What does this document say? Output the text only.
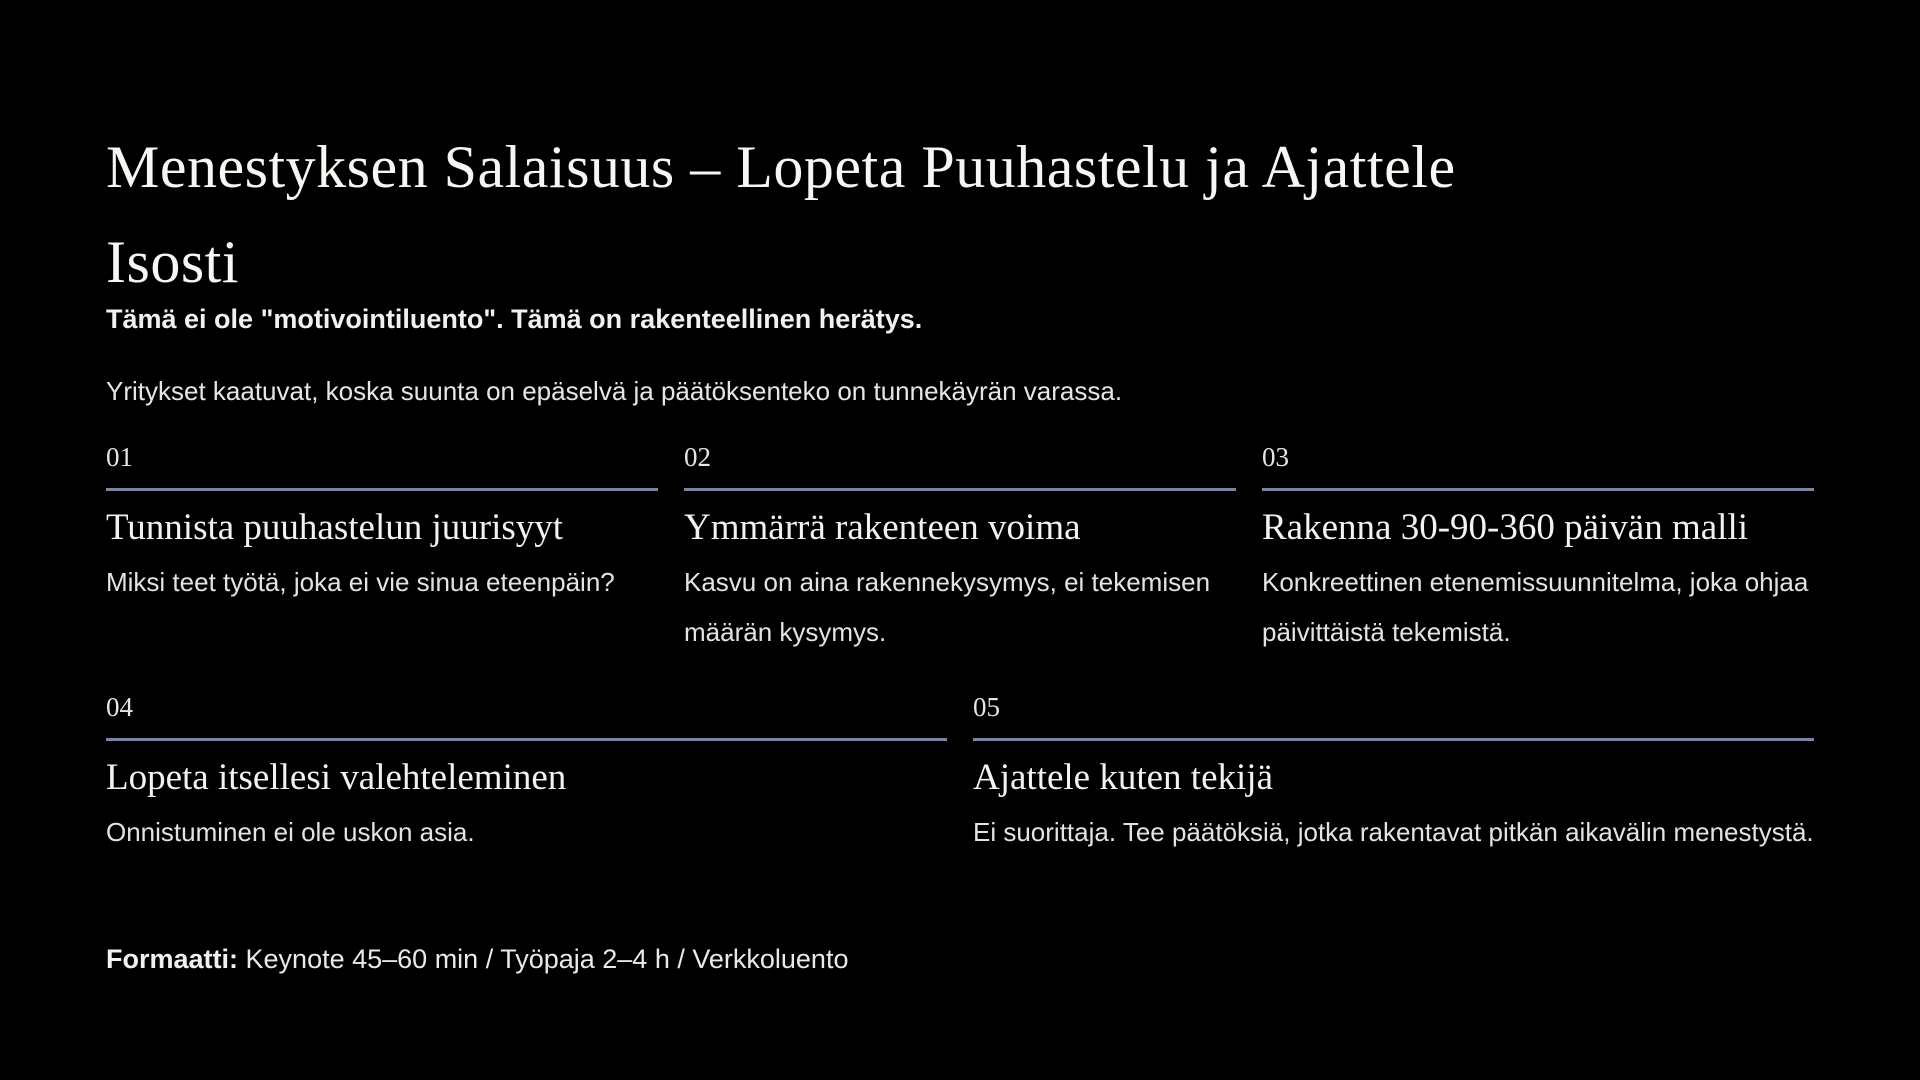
Menestyksen Salaisuus – Lopeta Puuhastelu ja Ajattele
Isosti
Tämä ei ole "motivointiluento". Tämä on rakenteellinen herätys.
Yritykset kaatuvat, koska suunta on epäselvä ja päätöksenteko on tunnekäyrän varassa.
01
Tunnista puuhastelun juurisyyt
Miksi teet työtä, joka ei vie sinua eteenpäin?
02
Ymmärrä rakenteen voima
Kasvu on aina rakennekysymys, ei tekemisen määrän kysymys.
03
Rakenna 30-90-360 päivän malli
Konkreettinen etenemissuunnitelma, joka ohjaa päivittäistä tekemistä.
04
Lopeta itsellesi valehteleminen
Onnistuminen ei ole uskon asia.
05
Ajattele kuten tekijä
Ei suorittaja. Tee päätöksiä, jotka rakentavat pitkän aikavälin menestystä.
Formaatti: Keynote 45–60 min / Työpaja 2–4 h / Verkkoluento
